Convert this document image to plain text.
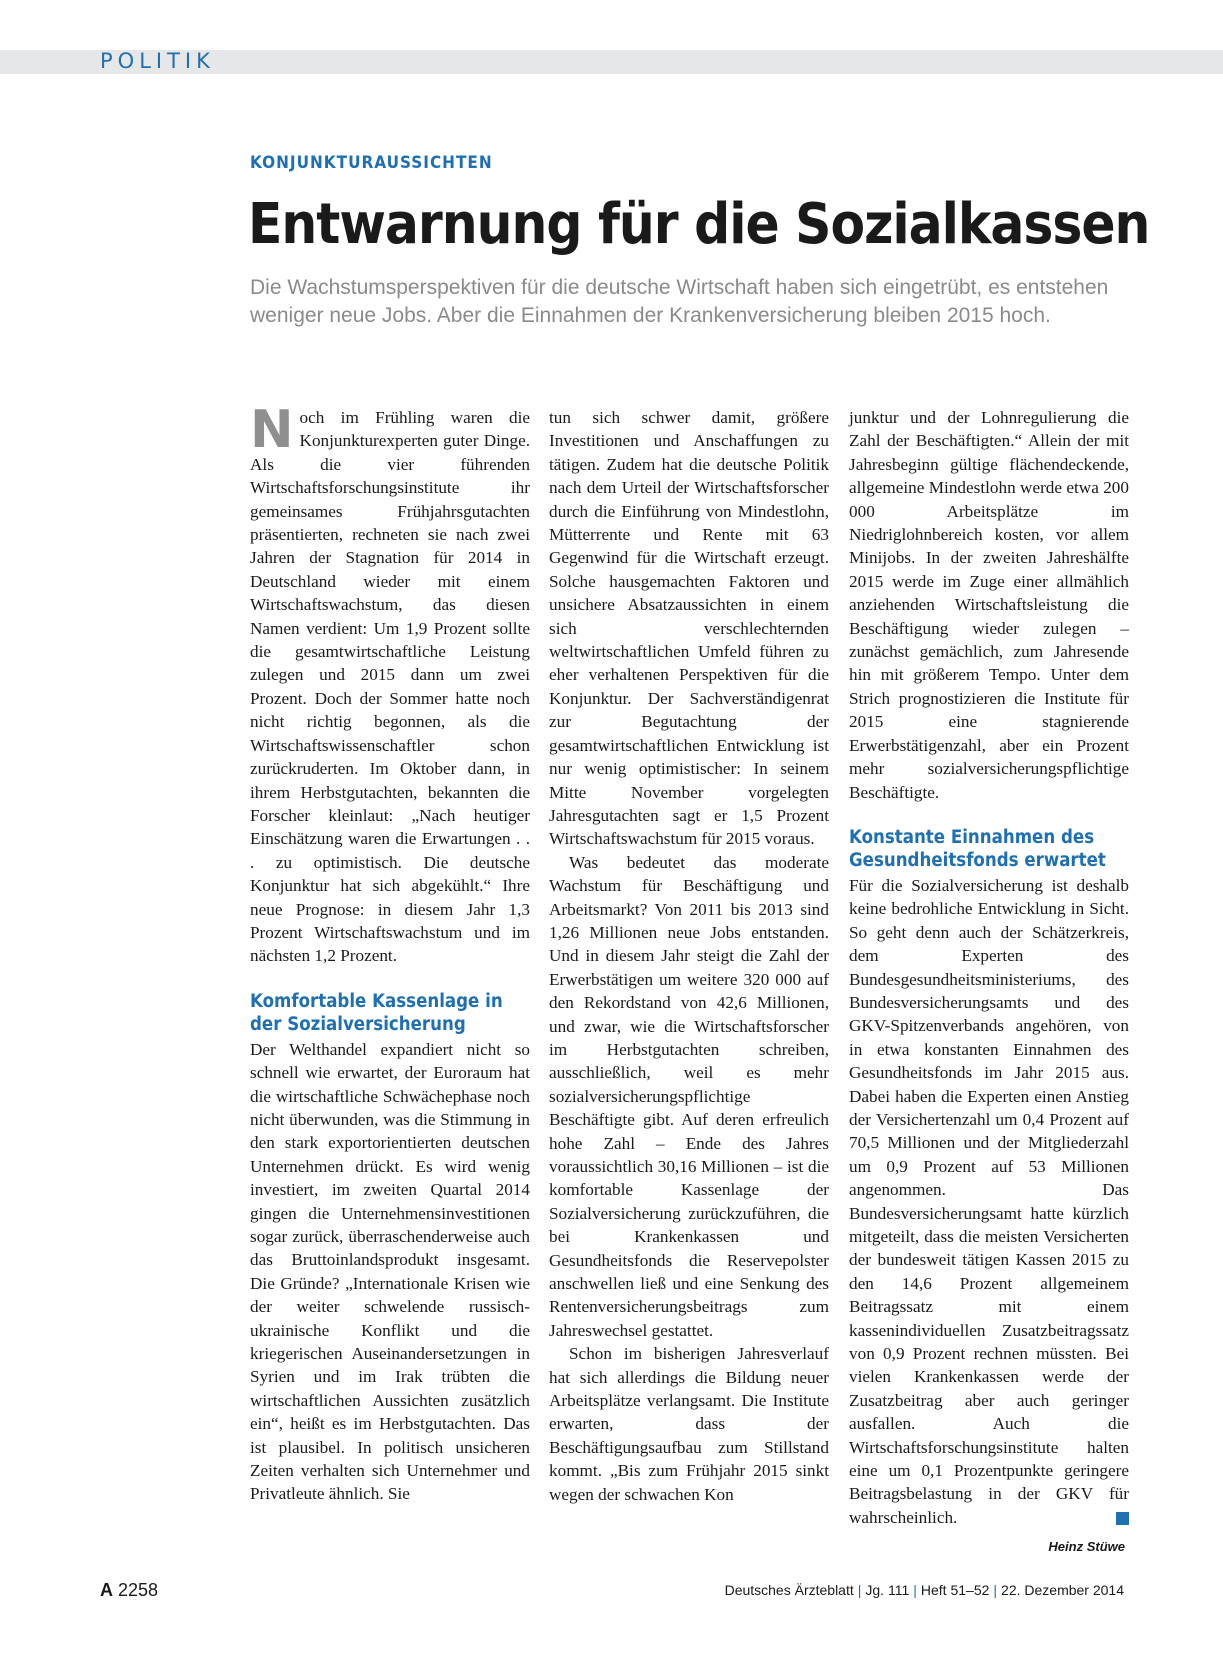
POLITIK
KONJUNKTURAUSSICHTEN
Entwarnung für die Sozialkassen
Die Wachstumsperspektiven für die deutsche Wirtschaft haben sich eingetrübt, es entstehen weniger neue Jobs. Aber die Einnahmen der Krankenversicherung bleiben 2015 hoch.

Noch im Frühling waren die Konjunkturexperten guter Dinge. Als die vier führenden Wirtschaftsforschungsinstitute ihr gemeinsames Frühjahrsgutachten präsentierten, rechneten sie nach zwei Jahren der Stagnation für 2014 in Deutschland wieder mit einem Wirtschaftswachstum, das diesen Namen verdient: Um 1,9 Prozent sollte die gesamtwirtschaftliche Leistung zulegen und 2015 dann um zwei Prozent. Doch der Sommer hatte noch nicht richtig begonnen, als die Wirtschaftswissenschaftler schon zurückruderten. Im Oktober dann, in ihrem Herbstgutachten, bekannten die Forscher kleinlaut: „Nach heutiger Einschätzung waren die Erwartungen . . . zu optimistisch. Die deutsche Konjunktur hat sich abgekühlt.“ Ihre neue Prognose: in diesem Jahr 1,3 Prozent Wirtschaftswachstum und im nächsten 1,2 Prozent.

Komfortable Kassenlage in der Sozialversicherung

Der Welthandel expandiert nicht so schnell wie erwartet, der Euroraum hat die wirtschaftliche Schwächephase noch nicht überwunden, was die Stimmung in den stark exportorientierten deutschen Unternehmen drückt. Es wird wenig investiert, im zweiten Quartal 2014 gingen die Unternehmensinvestitionen sogar zurück, überraschenderweise auch das Bruttoinlandsprodukt insgesamt. Die Gründe? „Internationale Krisen wie der weiter schwelende russisch-ukrainische Konflikt und die kriegerischen Auseinandersetzungen in Syrien und im Irak trübten die wirtschaftlichen Aussichten zusätzlich ein“, heißt es im Herbstgutachten. Das ist plausibel. In politisch unsicheren Zeiten verhalten sich Unternehmer und Privatleute ähnlich. Sie

tun sich schwer damit, größere Investitionen und Anschaffungen zu tätigen. Zudem hat die deutsche Politik nach dem Urteil der Wirtschaftsforscher durch die Einführung von Mindestlohn, Mütterrente und Rente mit 63 Gegenwind für die Wirtschaft erzeugt. Solche hausgemachten Faktoren und unsichere Absatzaussichten in einem sich verschlechternden weltwirtschaftlichen Umfeld führen zu eher verhaltenen Perspektiven für die Konjunktur. Der Sachverständigenrat zur Begutachtung der gesamtwirtschaftlichen Entwicklung ist nur wenig optimistischer: In seinem Mitte November vorgelegten Jahresgutachten sagt er 1,5 Prozent Wirtschaftswachstum für 2015 voraus.

Was bedeutet das moderate Wachstum für Beschäftigung und Arbeitsmarkt? Von 2011 bis 2013 sind 1,26 Millionen neue Jobs entstanden. Und in diesem Jahr steigt die Zahl der Erwerbstätigen um weitere 320 000 auf den Rekordstand von 42,6 Millionen, und zwar, wie die Wirtschaftsforscher im Herbstgutachten schreiben, ausschließlich, weil es mehr sozialversicherungspflichtige Beschäftigte gibt. Auf deren erfreulich hohe Zahl – Ende des Jahres voraussichtlich 30,16 Millionen – ist die komfortable Kassenlage der Sozialversicherung zurückzuführen, die bei Krankenkassen und Gesundheitsfonds die Reservepolster anschwellen ließ und eine Senkung des Rentenversicherungsbeitrags zum Jahreswechsel gestattet.

Schon im bisherigen Jahresverlauf hat sich allerdings die Bildung neuer Arbeitsplätze verlangsamt. Die Institute erwarten, dass der Beschäftigungsaufbau zum Stillstand kommt. „Bis zum Frühjahr 2015 sinkt wegen der schwachen Kon

junktur und der Lohnregulierung die Zahl der Beschäftigten.“ Allein der mit Jahresbeginn gültige flächendeckende, allgemeine Mindestlohn werde etwa 200 000 Arbeitsplätze im Niedriglohnbereich kosten, vor allem Minijobs. In der zweiten Jahreshälfte 2015 werde im Zuge einer allmählich anziehenden Wirtschaftsleistung die Beschäftigung wieder zulegen – zunächst gemächlich, zum Jahresende hin mit größerem Tempo. Unter dem Strich prognostizieren die Institute für 2015 eine stagnierende Erwerbstätigenzahl, aber ein Prozent mehr sozialversicherungspflichtige Beschäftigte.

Konstante Einnahmen des Gesundheitsfonds erwartet

Für die Sozialversicherung ist deshalb keine bedrohliche Entwicklung in Sicht. So geht denn auch der Schätzerkreis, dem Experten des Bundesgesundheitsministeriums, des Bundesversicherungsamts und des GKV-Spitzenverbands angehören, von in etwa konstanten Einnahmen des Gesundheitsfonds im Jahr 2015 aus. Dabei haben die Experten einen Anstieg der Versichertenzahl um 0,4 Prozent auf 70,5 Millionen und der Mitgliederzahl um 0,9 Prozent auf 53 Millionen angenommen. Das Bundesversicherungsamt hatte kürzlich mitgeteilt, dass die meisten Versicherten der bundesweit tätigen Kassen 2015 zu den 14,6 Prozent allgemeinem Beitragssatz mit einem kassenindividuellen Zusatzbeitragssatz von 0,9 Prozent rechnen müssten. Bei vielen Krankenkassen werde der Zusatzbeitrag aber auch geringer ausfallen. Auch die Wirtschaftsforschungsinstitute halten eine um 0,1 Prozentpunkte geringere Beitragsbelastung in der GKV für wahrscheinlich.

Heinz Stüwe
A 2258	Deutsches Ärzteblatt | Jg. 111 | Heft 51–52 | 22. Dezember 2014
